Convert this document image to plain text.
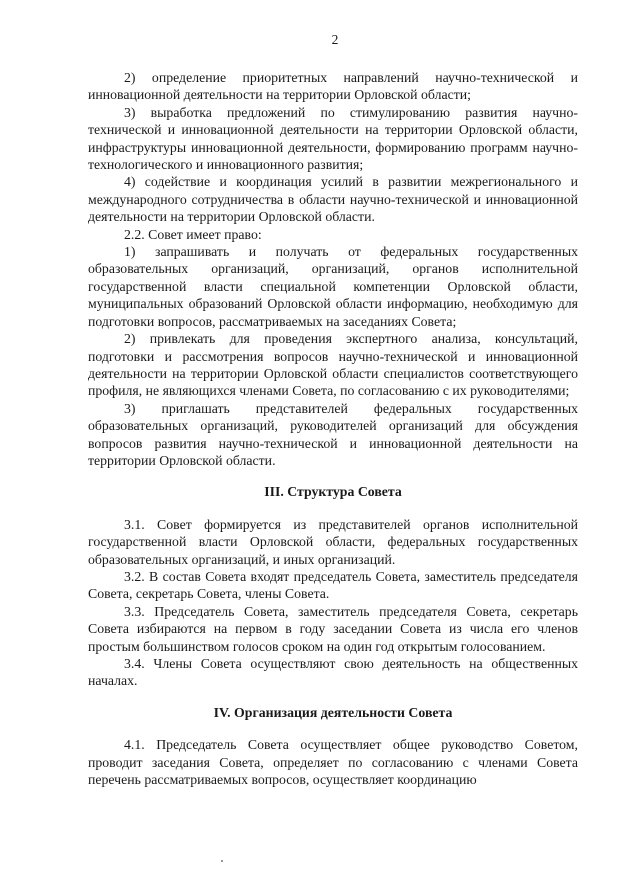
2

2) определение приоритетных направлений научно-технической и инновационной деятельности на территории Орловской области;

3) выработка предложений по стимулированию развития научно-технической и инновационной деятельности на территории Орловской области, инфраструктуры инновационной деятельности, формированию программ научно-технологического и инновационного развития;

4) содействие и координация усилий в развитии межрегионального и международного сотрудничества в области научно-технической и инновационной деятельности на территории Орловской области.

2.2. Совет имеет право:

1) запрашивать и получать от федеральных государственных образовательных организаций, организаций, органов исполнительной государственной власти специальной компетенции Орловской области, муниципальных образований Орловской области информацию, необходимую для подготовки вопросов, рассматриваемых на заседаниях Совета;

2) привлекать для проведения экспертного анализа, консультаций, подготовки и рассмотрения вопросов научно-технической и инновационной деятельности на территории Орловской области специалистов соответствующего профиля, не являющихся членами Совета, по согласованию с их руководителями;

3) приглашать представителей федеральных государственных образовательных организаций, руководителей организаций для обсуждения вопросов развития научно-технической и инновационной деятельности на территории Орловской области.

III. Структура Совета

3.1. Совет формируется из представителей органов исполнительной государственной власти Орловской области, федеральных государственных образовательных организаций, и иных организаций.

3.2. В состав Совета входят председатель Совета, заместитель председателя Совета, секретарь Совета, члены Совета.

3.3. Председатель Совета, заместитель председателя Совета, секретарь Совета избираются на первом в году заседании Совета из числа его членов простым большинством голосов сроком на один год открытым голосованием.

3.4. Члены Совета осуществляют свою деятельность на общественных началах.

IV. Организация деятельности Совета

4.1. Председатель Совета осуществляет общее руководство Советом, проводит заседания Совета, определяет по согласованию с членами Совета перечень рассматриваемых вопросов, осуществляет координацию
